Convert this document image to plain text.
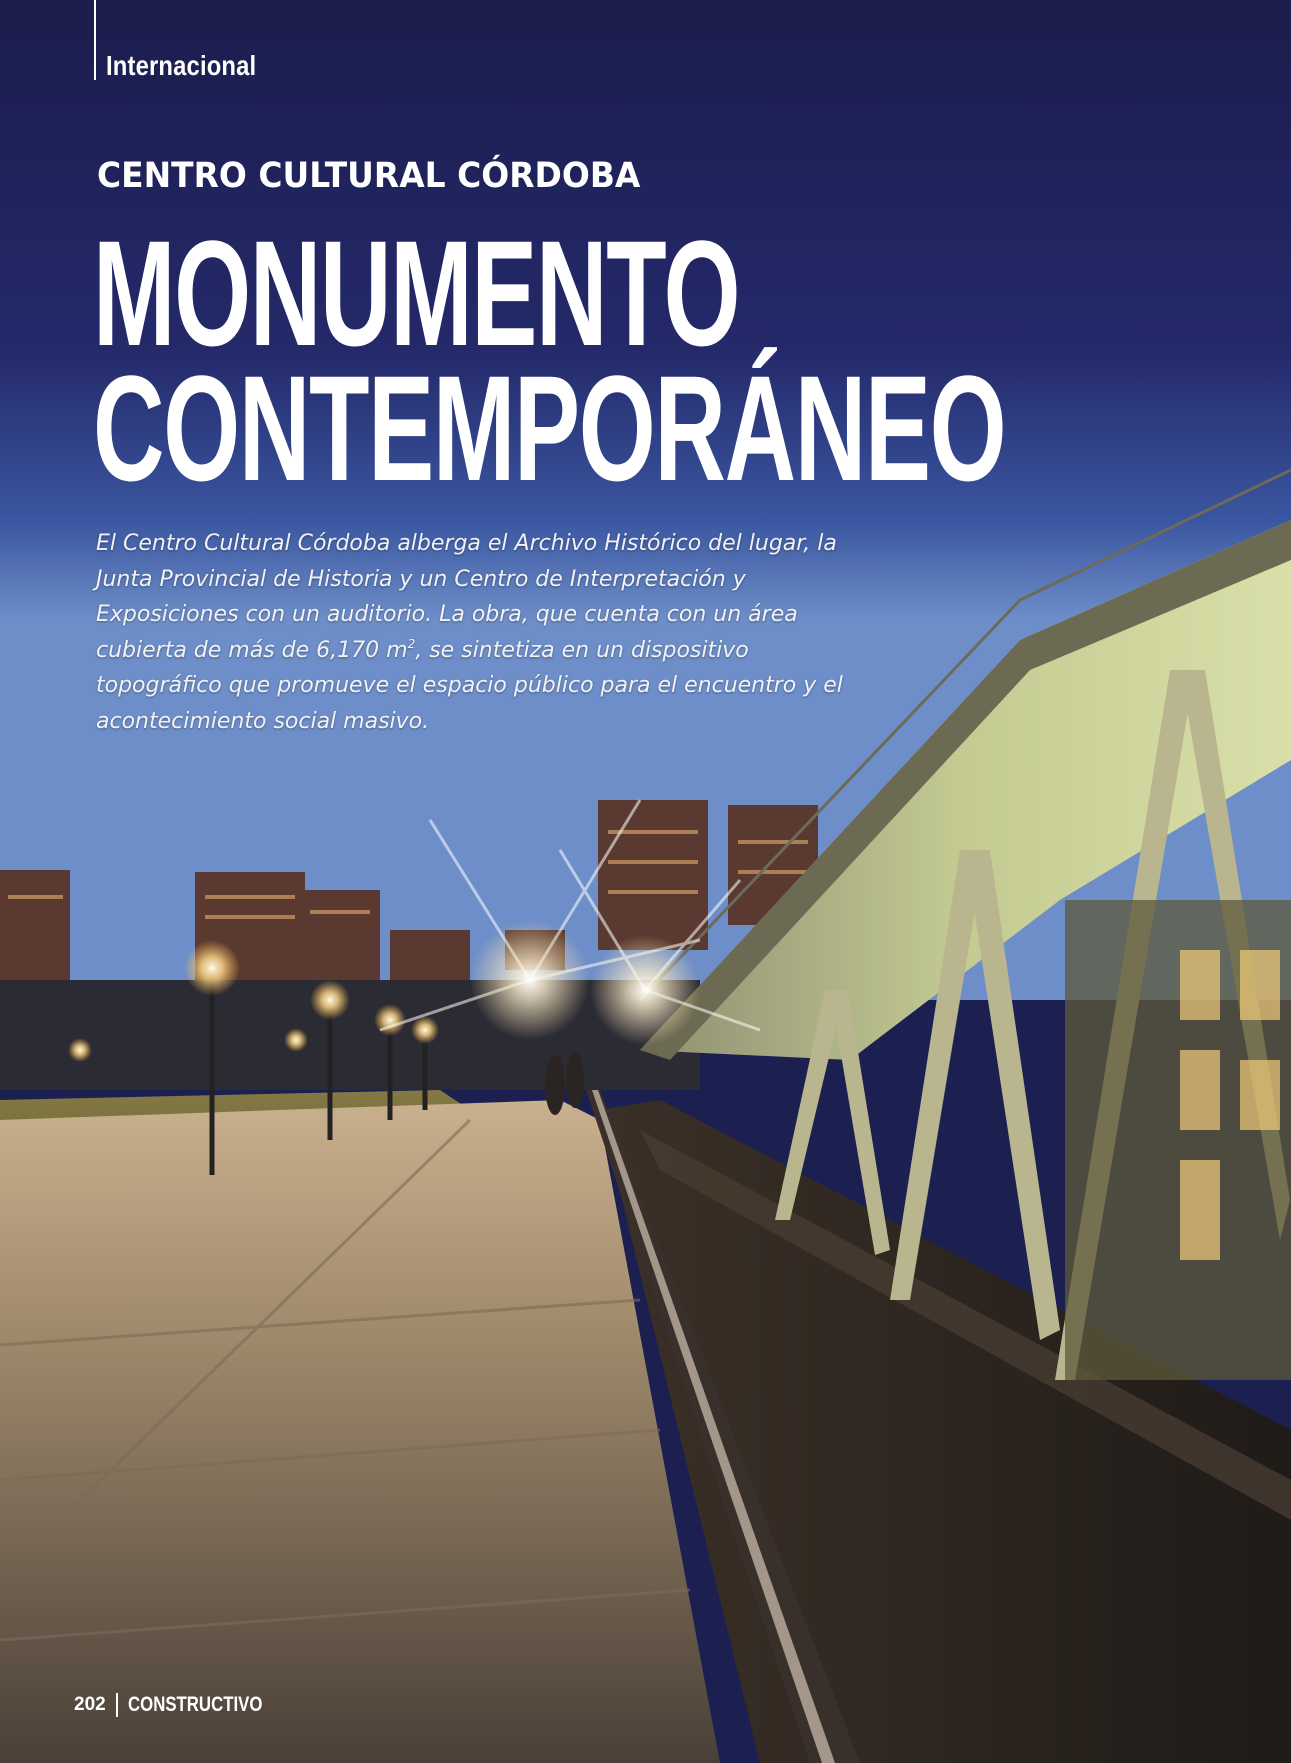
Internacional
CENTRO CULTURAL CÓRDOBA
MONUMENTO
CONTEMPORÁNEO

El Centro Cultural Córdoba alberga el Archivo Histórico del lugar, la Junta Provincial de Historia y un Centro de Interpretación y Exposiciones con un auditorio. La obra, que cuenta con un área cubierta de más de 6,170 $m^2$, se sintetiza en un dispositivo topográfico que promueve el espacio público para el encuentro y el acontecimiento social masivo.

202 CONSTRUCTIVO
